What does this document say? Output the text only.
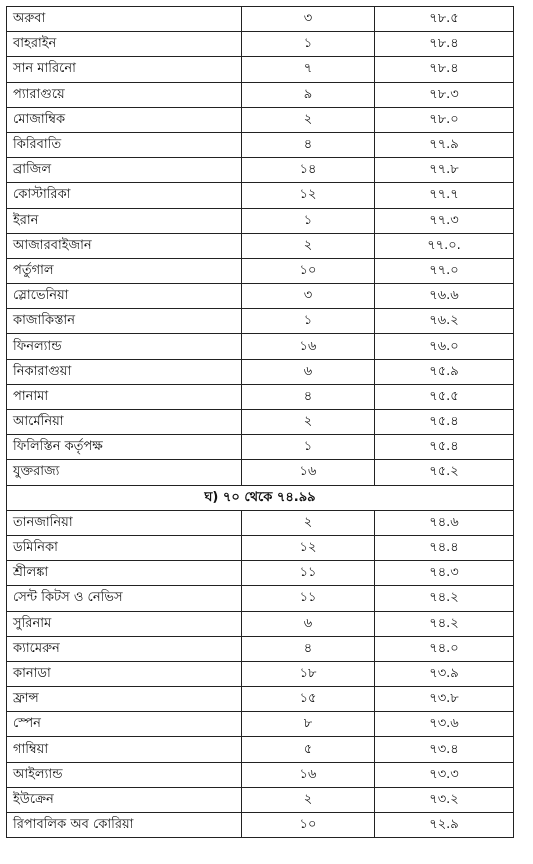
অরুবা	৩	৭৮.৫
বাহরাইন	১	৭৮.৪
সান মারিনো	৭	৭৮.৪
প্যারাগুয়ে	৯	৭৮.৩
মোজাম্বিক	২	৭৮.০
কিরিবাতি	৪	৭৭.৯
ব্রাজিল	১৪	৭৭.৮
কোস্টারিকা	১২	৭৭.৭
ইরান	১	৭৭.৩
আজারবাইজান	২	৭৭.০.
পর্তুগাল	১০	৭৭.০
স্লোভেনিয়া	৩	৭৬.৬
কাজাকিস্তান	১	৭৬.২
ফিনল্যান্ড	১৬	৭৬.০
নিকারাগুয়া	৬	৭৫.৯
পানামা	৪	৭৫.৫
আর্মেনিয়া	২	৭৫.৪
ফিলিস্তিন কর্তৃপক্ষ	১	৭৫.৪
যুক্তরাজ্য	১৬	৭৫.২
ঘ) ৭০ থেকে ৭৪.৯৯		
তানজানিয়া	২	৭৪.৬
ডমিনিকা	১২	৭৪.৪
শ্রীলঙ্কা	১১	৭৪.৩
সেন্ট কিটস ও নেভিস	১১	৭৪.২
সুরিনাম	৬	৭৪.২
ক্যামেরুন	৪	৭৪.০
কানাডা	১৮	৭৩.৯
ফ্রান্স	১৫	৭৩.৮
স্পেন	৮	৭৩.৬
গাম্বিয়া	৫	৭৩.৪
আইল্যান্ড	১৬	৭৩.৩
ইউক্রেন	২	৭৩.২
রিপাবলিক অব কোরিয়া	১০	৭২.৯
